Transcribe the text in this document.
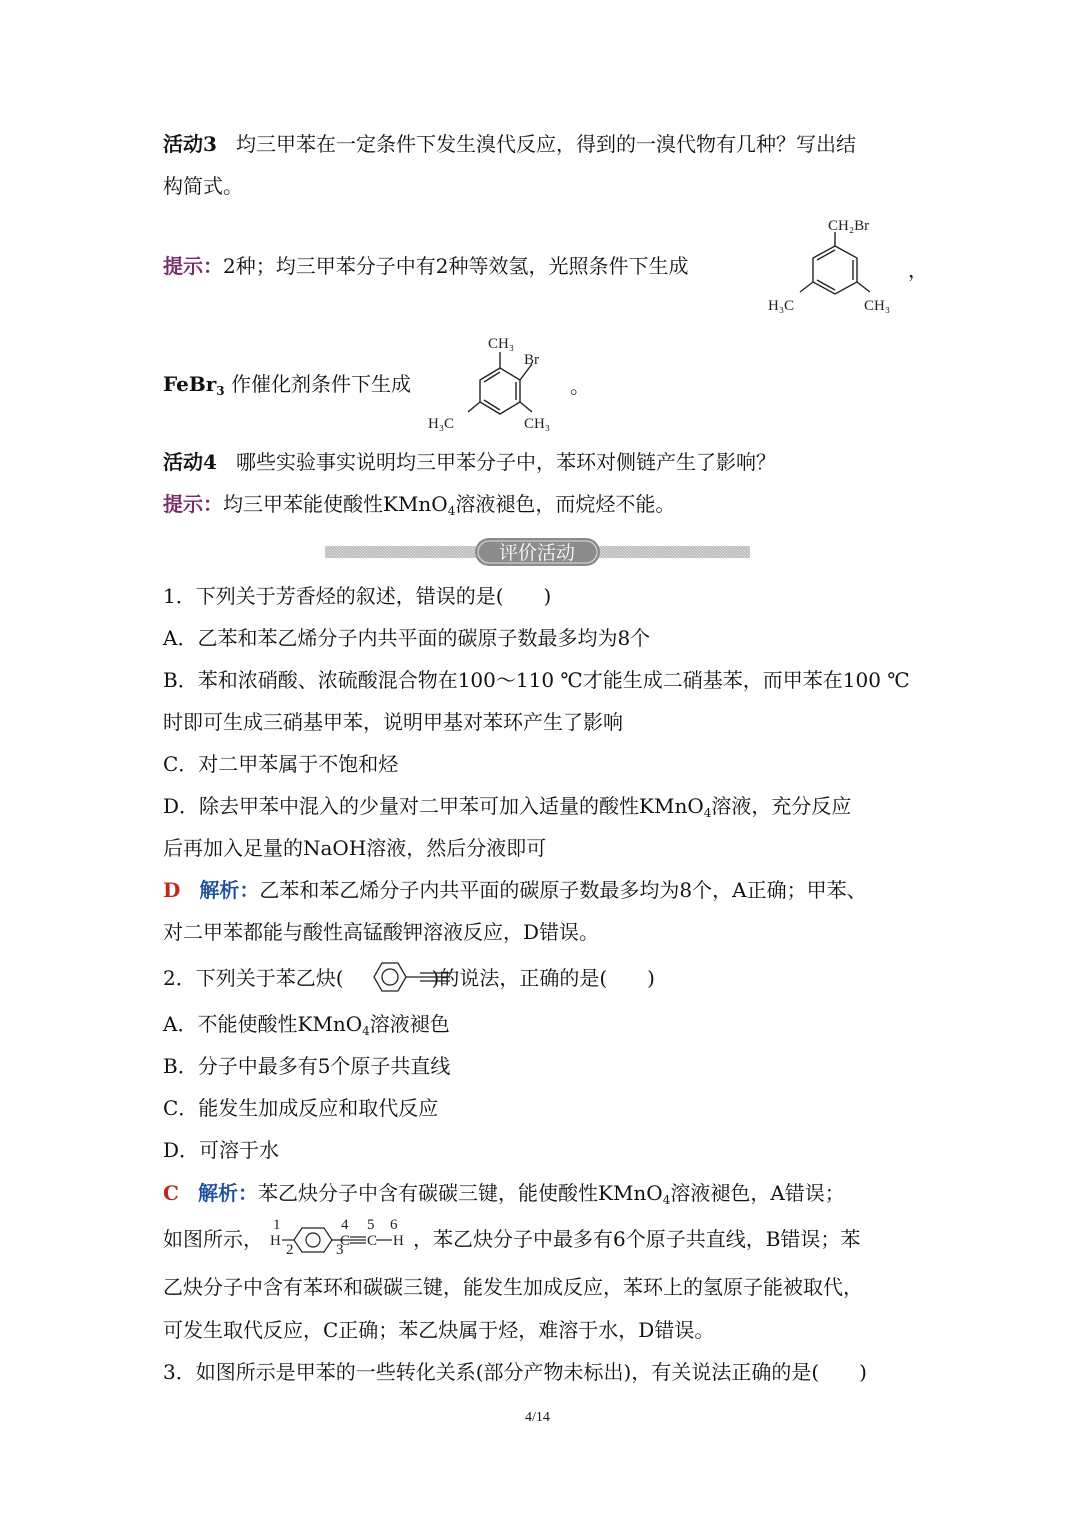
活动3 均三甲苯在一定条件下发生溴代反应，得到的一溴代物有几种？写出结
构简式。
提示：2种；均三甲苯分子中有2种等效氢，光照条件下生成	，
CH₂Br
H₃C	CH₃
FeBr$_3$ 作催化剂条件下生成
CH₃
Br
H₃C	CH₃
。
活动4 哪些实验事实说明均三甲苯分子中，苯环对侧链产生了影响？
提示：均三甲苯能使酸性KMnO$_4$溶液褪色，而烷烃不能。
评价活动
1．下列关于芳香烃的叙述，错误的是(　　)
A．乙苯和苯乙烯分子内共平面的碳原子数最多均为8个
B．苯和浓硝酸、浓硫酸混合物在100～110 ℃才能生成二硝基苯，而甲苯在100 ℃
时即可生成三硝基甲苯，说明甲基对苯环产生了影响
C．对二甲苯属于不饱和烃
D．除去甲苯中混入的少量对二甲苯可加入适量的酸性KMnO$_4$溶液，充分反应
后再加入足量的NaOH溶液，然后分液即可
D 解析：乙苯和苯乙烯分子内共平面的碳原子数最多均为8个，A正确；甲苯、
对二甲苯都能与酸性高锰酸钾溶液反应，D错误。
2．下列关于苯乙炔(	)的说法，正确的是(　　)
A．不能使酸性KMnO$_4$溶液褪色
B．分子中最多有5个原子共直线
C．能发生加成反应和取代反应
D．可溶于水
C 解析：苯乙炔分子中含有碳碳三键，能使酸性KMnO$_4$溶液褪色，A错误；
如图所示，	，苯乙炔分子中最多有6个原子共直线，B错误；苯
1
H
2	3
4
C
5
C
6
H
乙炔分子中含有苯环和碳碳三键，能发生加成反应，苯环上的氢原子能被取代，
可发生取代反应，C正确；苯乙炔属于烃，难溶于水，D错误。
3．如图所示是甲苯的一些转化关系(部分产物未标出)，有关说法正确的是(　　)
4/14
